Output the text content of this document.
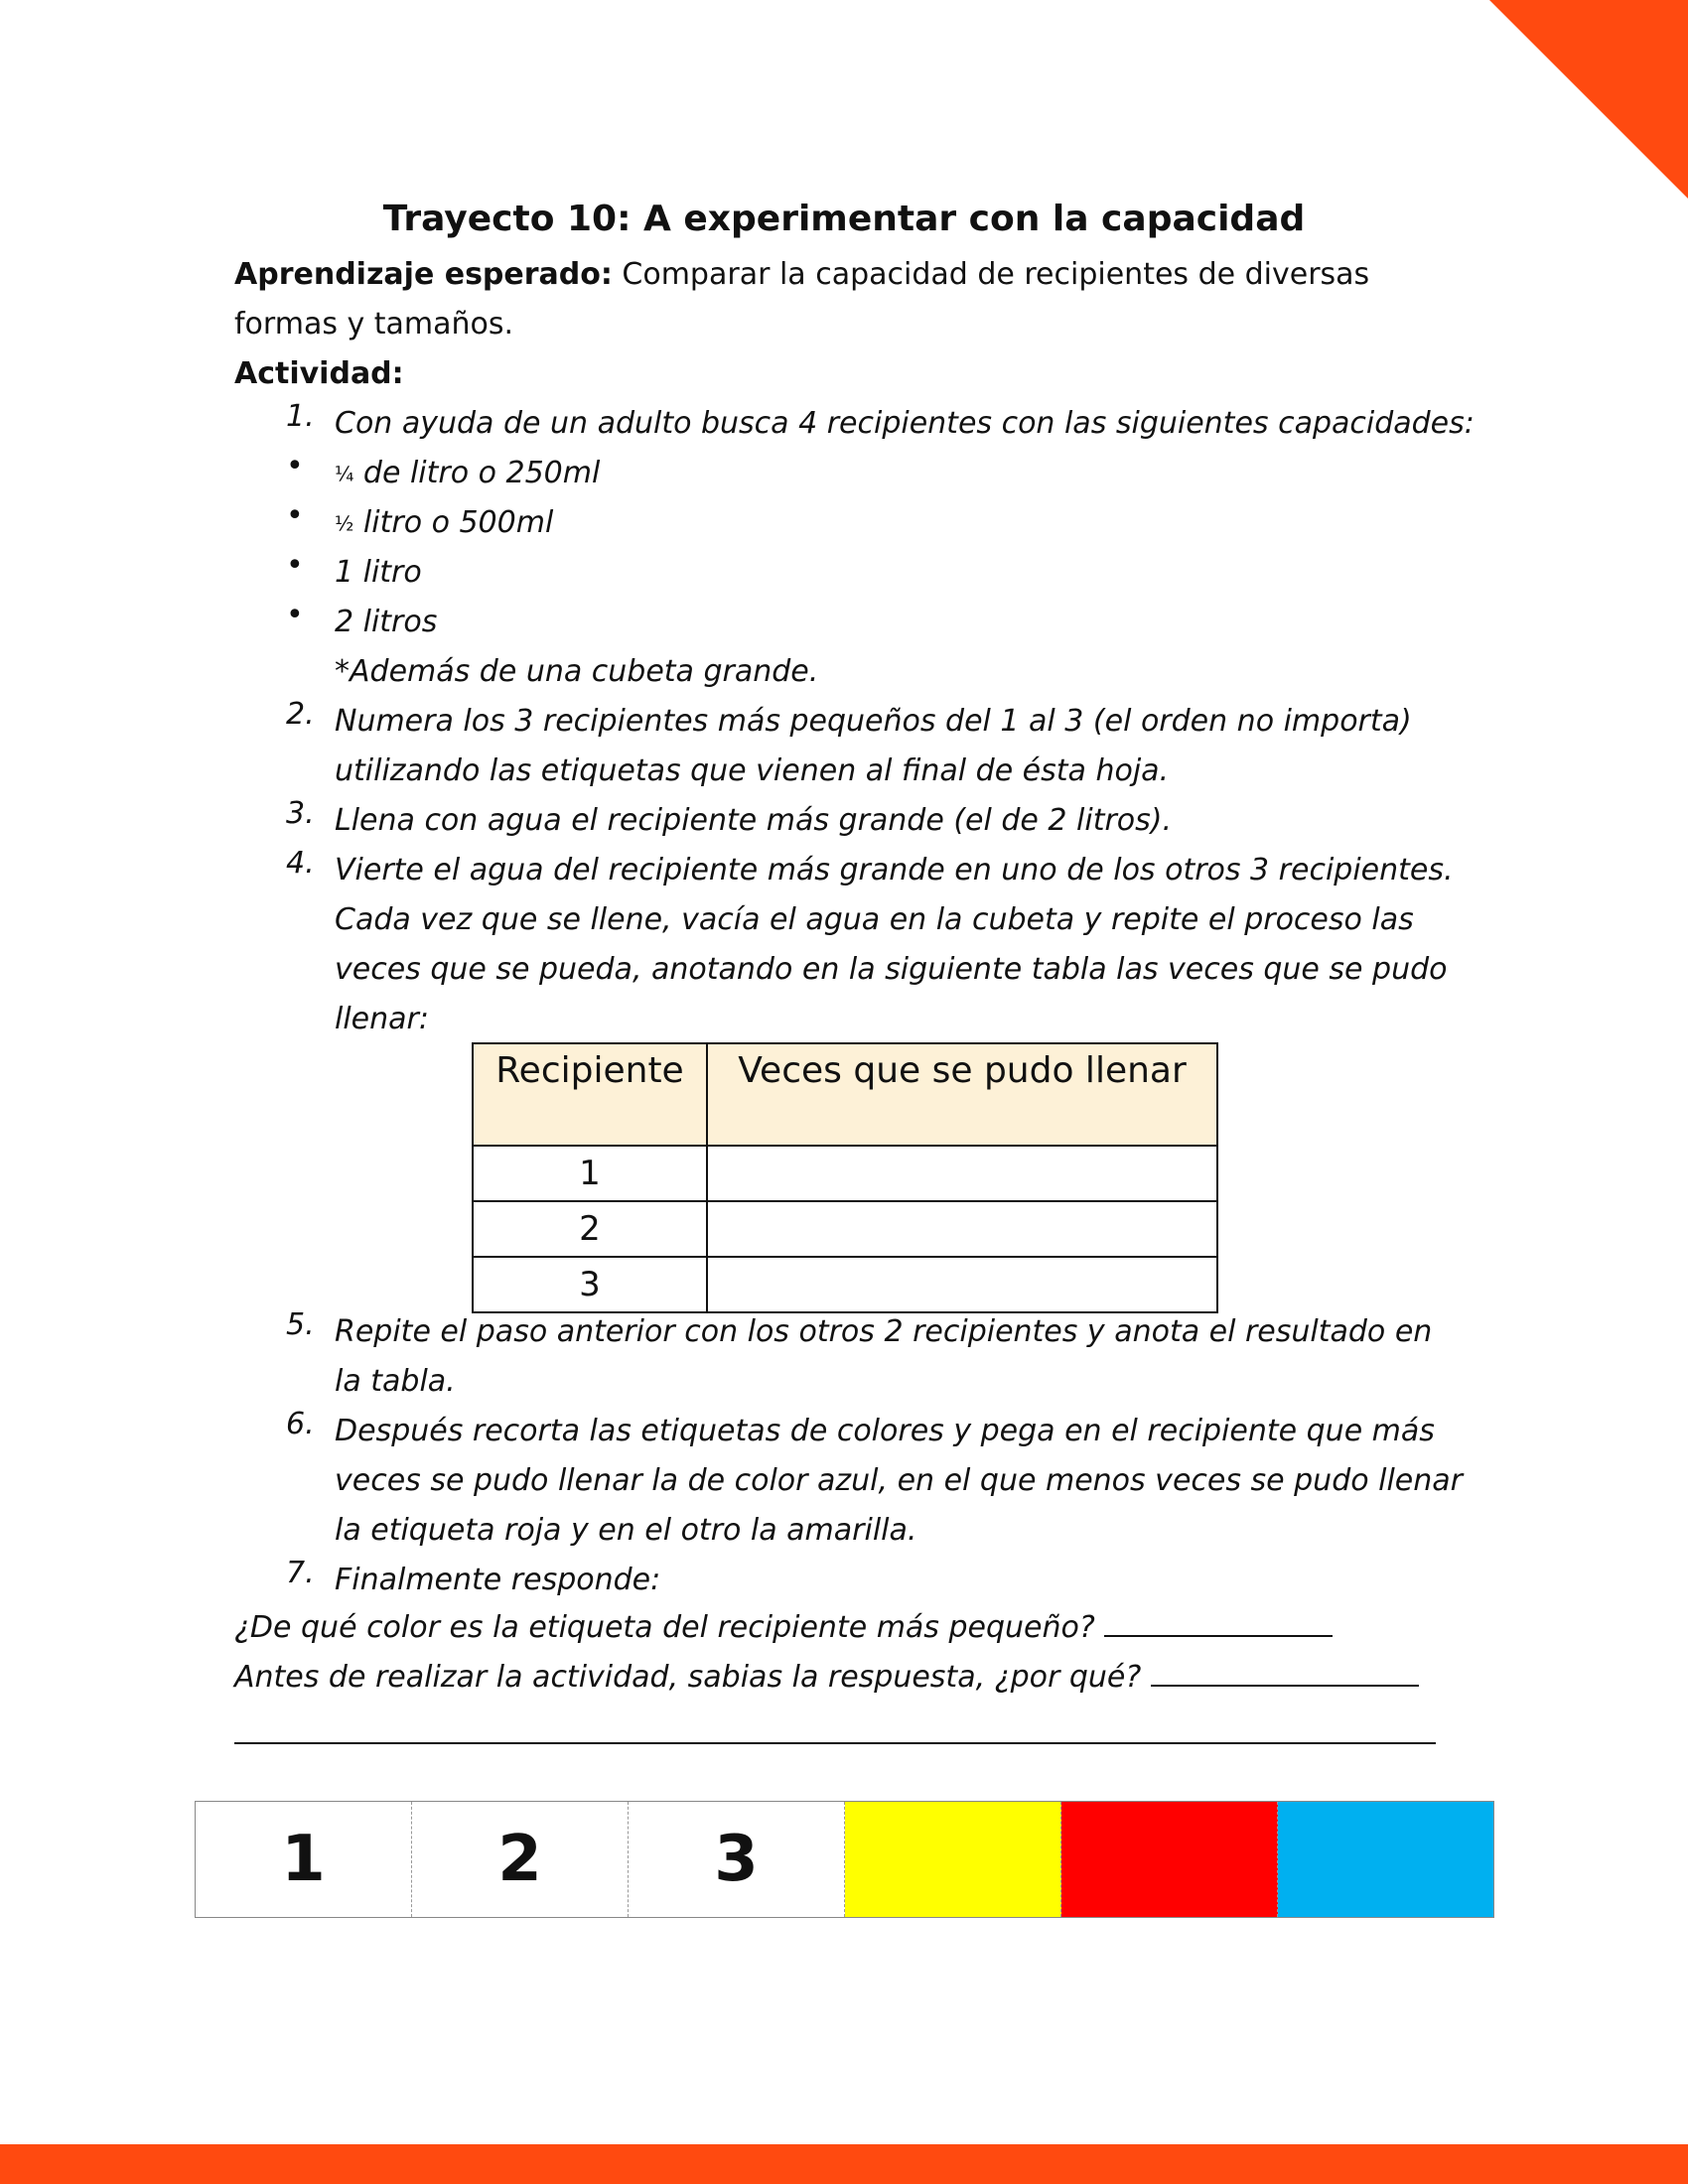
Trayecto 10: A experimentar con la capacidad
Aprendizaje esperado: Comparar la capacidad de recipientes de diversas formas y tamaños.
Actividad:
1. Con ayuda de un adulto busca 4 recipientes con las siguientes capacidades:
• ¼ de litro o 250ml
• ½ litro o 500ml
• 1 litro
• 2 litros
*Además de una cubeta grande.
2. Numera los 3 recipientes más pequeños del 1 al 3 (el orden no importa) utilizando las etiquetas que vienen al final de ésta hoja.
3. Llena con agua el recipiente más grande (el de 2 litros).
4. Vierte el agua del recipiente más grande en uno de los otros 3 recipientes. Cada vez que se llene, vacía el agua en la cubeta y repite el proceso las veces que se pueda, anotando en la siguiente tabla las veces que se pudo llenar:
Recipiente	Veces que se pudo llenar
1	
2	
3	
5. Repite el paso anterior con los otros 2 recipientes y anota el resultado en la tabla.
6. Después recorta las etiquetas de colores y pega en el recipiente que más veces se pudo llenar la de color azul, en el que menos veces se pudo llenar la etiqueta roja y en el otro la amarilla.
7. Finalmente responde:
¿De qué color es la etiqueta del recipiente más pequeño?
Antes de realizar la actividad, sabias la respuesta, ¿por qué?
1	2	3
